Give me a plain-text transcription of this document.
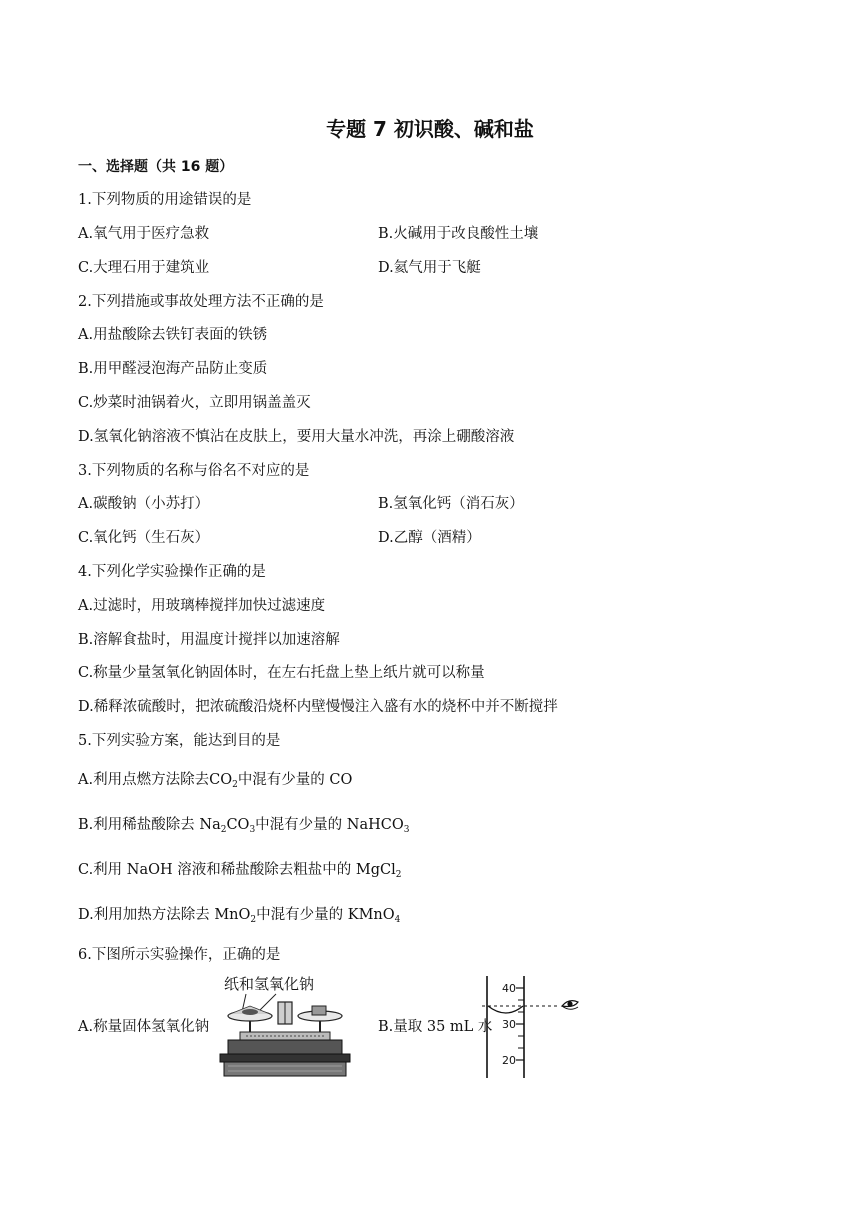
专题 7 初识酸、碱和盐
一、选择题（共 16 题）
1.下列物质的用途错误的是
A.氧气用于医疗急救	B.火碱用于改良酸性土壤
C.大理石用于建筑业	D.氦气用于飞艇
2.下列措施或事故处理方法不正确的是
A.用盐酸除去铁钉表面的铁锈
B.用甲醛浸泡海产品防止变质
C.炒菜时油锅着火，立即用锅盖盖灭
D.氢氧化钠溶液不慎沾在皮肤上，要用大量水冲洗，再涂上硼酸溶液
3.下列物质的名称与俗名不对应的是
A.碳酸钠（小苏打）	B.氢氧化钙（消石灰）
C.氧化钙（生石灰）	D.乙醇（酒精）
4.下列化学实验操作正确的是
A.过滤时，用玻璃棒搅拌加快过滤速度
B.溶解食盐时，用温度计搅拌以加速溶解
C.称量少量氢氧化钠固体时，在左右托盘上垫上纸片就可以称量
D.稀释浓硫酸时，把浓硫酸沿烧杯内壁慢慢注入盛有水的烧杯中并不断搅拌
5.下列实验方案，能达到目的是
A.利用点燃方法除去$CO_2$中混有少量的 CO
B.利用稀盐酸除去 $Na_2CO_3$中混有少量的 NaHCO$_3$
C.利用 NaOH 溶液和稀盐酸除去粗盐中的 MgCl$_2$
D.利用加热方法除去 MnO$_2$中混有少量的 KMnO$_4$
6.下图所示实验操作，正确的是
A.称量固体氢氧化钠	B.量取 35 mL 水
纸和氢氧化钠	40
30
20
